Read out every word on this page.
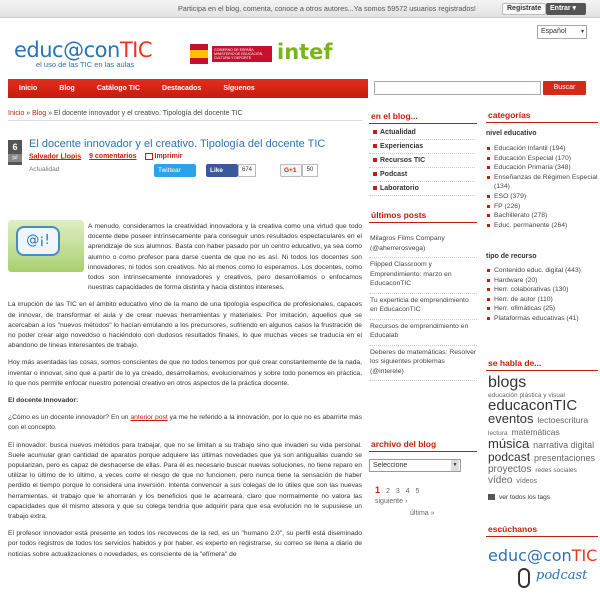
Participa en el blog, comenta, conoce a otros autores...Ya somos 59572 usuarios registrados!	Registrate	Entrar ▾
educ@conTIC
el uso de las TIC en las aulas
GOBIERNO DE ESPAÑA MINISTERIO DE EDUCACIÓN, CULTURA Y DEPORTE	intef
Español ▾
Inicio	Blog	Catálogo TIC	Destacados	Síguenos	Buscar
Inicio » Blog » El docente innovador y el creativo. Tipología del docente TIC
6
jul
El docente innovador y el creativo. Tipología del docente TIC
Salvador Llopis 9 comentarios	Imprimir
Actualidad	Twittear	Like	674	G+1	50
@¡!

A menudo, consideramos la creatividad innovadora y la creativa como una virtud que todo docente debe poseer intrínsecamente para conseguir unos resultados espectaculares en el aprendizaje de sus alumnos. Basta con haber pasado por un centro educativo, ya sea como alumno o como profesor para darse cuenta de que no es así. Ni todos los docentes son innovadores, ni todos son creativos. No al menos como lo esperamos. Los docentes, como todos son intrínsecamente innovadores y creativos, pero desarrollamos o enfocamos nuestras capacidades de forma distinta y hacia distintos intereses.

La irrupción de las TIC en el ámbito educativo vino de la mano de una tipología específica de profesionales, capaces de innovar, de transformar el aula y de crear nuevas herramientas y materiales. Por imitación, aquellos que se acercaban a los "nuevos métodos" lo hacían emulando a los precursores, sufriendo en algunos casos la frustración de no poder crear algo novedoso o haciéndolo con dudosos resultados finales, lo que muchas veces se traducía en el abandono de líneas interesantes de trabajo.

Hoy más asentadas las cosas, somos conscientes de que no todos tenemos por qué crear constantemente de la nada, inventar o innovar, sino que a partir de lo ya creado, desarrollamos, evolucionamos y sobre todo ponemos en práctica, lo que nos permite enfocar nuestro potencial creativo en otros aspectos de la práctica docente.

El docente Innovador:

¿Cómo es un docente innovador? En un anterior post ya me he referido a la innovación, por lo que no es abarrirte más con el concepto.

El innovador: busca nuevos métodos para trabajar, que no se limitan a su trabajo sino que invaden su vida personal. Suele acumular gran cantidad de aparatos porque adquiere las últimas novedades que ya son antiguallas cuando se popularizan, pero es capaz de deshacerse de ellas. Para él es necesario buscar nuevas soluciones, no tiene reparo en utilizar lo último de lo último, a veces corre el riesgo de que no funcionen, pero nunca tiene la sensación de haber perdido el tiempo porque lo considera una inversión. Intenta convencer a sus colegas de lo útiles que son las nuevas herramientas, el trabajo que le ahorrarán y los beneficios que le acarreará, claro que normalmente no valora las capacidades que él mismo atesora y que su colega tendría que adquirir para que esa evolución no le supusiese un trabajo extra.

El profesor innovador está presente en todos los recovecos de la red, es un "humano 2.0", su perfil está diseminado por todos registros de todos los servicios habidos y por haber, es experto en registrarse, su correo se llena a diario de noticias sobre actualizaciones o novedades, es consciente de la "efímera" de

en el blog...
Actualidad
Experiencias
Recursos TIC
Podcast
Laboratorio
últimos posts
Milagros Films Company (@aherrerosvega)
Flipped Classroom y Emprendimiento: marzo en EducaconTIC
Tu experticia de emprendimiento en EducaconTIC
Recursos de emprendimiento en Educalab
Deberes de matemáticas: Resolver los siguientes problemas (@interele)
archivo del blog
Seleccione	▼
1 2 3 4 5
siguiente ›
última »
categorías
nivel educativo
Educación Infantil (194)
Educación Especial (170)
Educación Primaria (348)
Enseñanzas de Régimen Especial (134)
ESO (379)
FP (226)
Bachillerato (278)
Educ. permanente (264)
tipo de recurso
Contenido educ. digital (443)
Hardware (20)
Herr. colaborativas (130)
Herr. de autor (110)
Herr. ofimáticas (25)
Plataformas educativas (41)
se habla de...
blogs educación plástica y visual educaconTIC eventos lectoescritura lectura matemáticas música narrativa digital podcast presentaciones proyectos redes sociales vídeo vídeos
ver todos los tags
escúchanos
educ@conTIC
podcast
